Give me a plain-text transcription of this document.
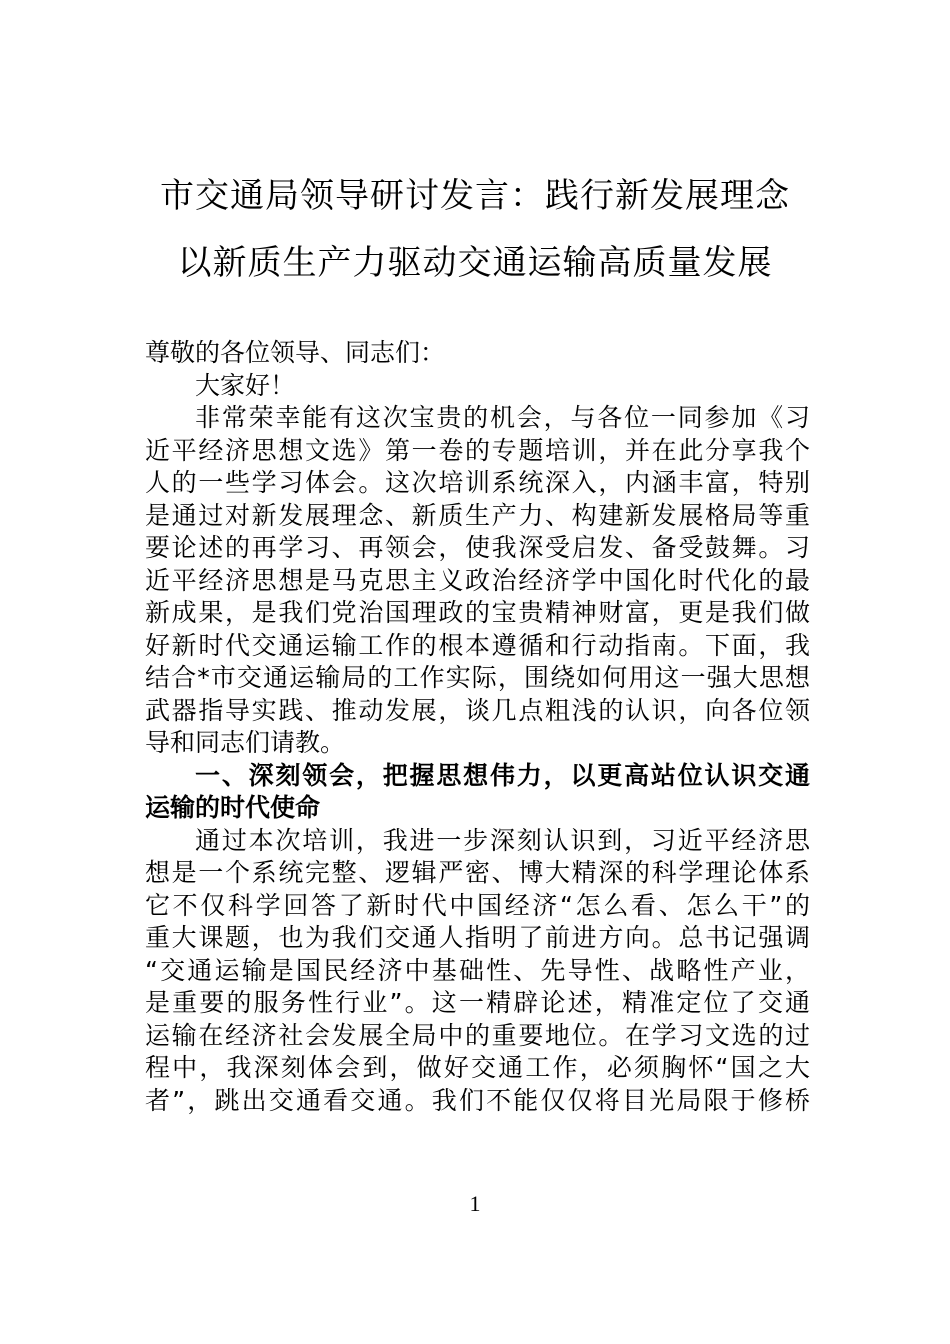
市交通局领导研讨发言：践行新发展理念
以新质生产力驱动交通运输高质量发展
尊敬的各位领导、同志们：
大家好！
非常荣幸能有这次宝贵的机会，与各位一同参加《习
近平经济思想文选》第一卷的专题培训，并在此分享我个
人的一些学习体会。这次培训系统深入，内涵丰富，特别
是通过对新发展理念、新质生产力、构建新发展格局等重
要论述的再学习、再领会，使我深受启发、备受鼓舞。习
近平经济思想是马克思主义政治经济学中国化时代化的最
新成果，是我们党治国理政的宝贵精神财富，更是我们做
好新时代交通运输工作的根本遵循和行动指南。下面，我
结合*市交通运输局的工作实际，围绕如何用这一强大思想
武器指导实践、推动发展，谈几点粗浅的认识，向各位领
导和同志们请教。
一、深刻领会，把握思想伟力，以更高站位认识交通
运输的时代使命
通过本次培训，我进一步深刻认识到，习近平经济思
想是一个系统完整、逻辑严密、博大精深的科学理论体系
它不仅科学回答了新时代中国经济“怎么看、怎么干”的
重大课题，也为我们交通人指明了前进方向。总书记强调
“交通运输是国民经济中基础性、先导性、战略性产业，
是重要的服务性行业”。这一精辟论述，精准定位了交通
运输在经济社会发展全局中的重要地位。在学习文选的过
程中，我深刻体会到，做好交通工作，必须胸怀“国之大
者”，跳出交通看交通。我们不能仅仅将目光局限于修桥
1
